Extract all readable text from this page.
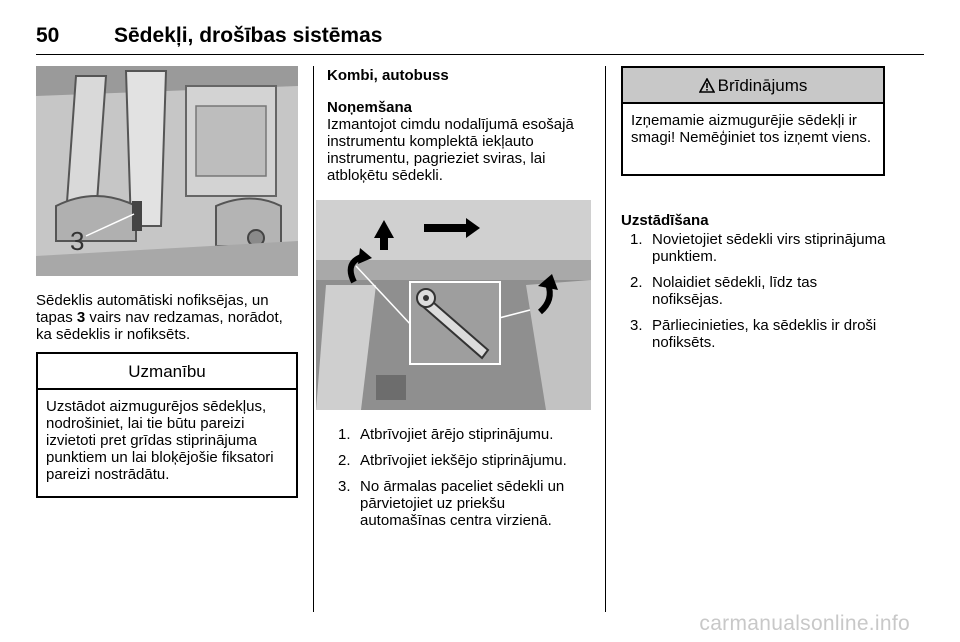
50	Sēdekļi, drošības sistēmas
3
Sēdeklis automātiski nofiksējas, un tapas 3 vairs nav redzamas, norādot, ka sēdeklis ir nofiksēts.
Uzmanību
Uzstādot aizmugurējos sēdekļus, nodrošiniet, lai tie būtu pareizi izvietoti pret grīdas stiprinājuma punktiem un lai bloķējošie fiksatori pareizi nostrādātu.
Kombi, autobuss
Noņemšana
Izmantojot cimdu nodalījumā esošajā instrumentu komplektā iekļauto instrumentu, pagrieziet sviras, lai atbloķētu sēdekli.
1. Atbrīvojiet ārējo stiprinājumu.
2. Atbrīvojiet iekšējo stiprinājumu.
3. No ārmalas paceliet sēdekli un pārvietojiet uz priekšu automašīnas centra virzienā.
Brīdinājums
Izņemamie aizmugurējie sēdekļi ir smagi! Nemēģiniet tos izņemt viens.
Uzstādīšana
1. Novietojiet sēdekli virs stiprinājuma punktiem.
2. Nolaidiet sēdekli, līdz tas nofiksējas.
3. Pārliecinieties, ka sēdeklis ir droši nofiksēts.
carmanualsonline.info
